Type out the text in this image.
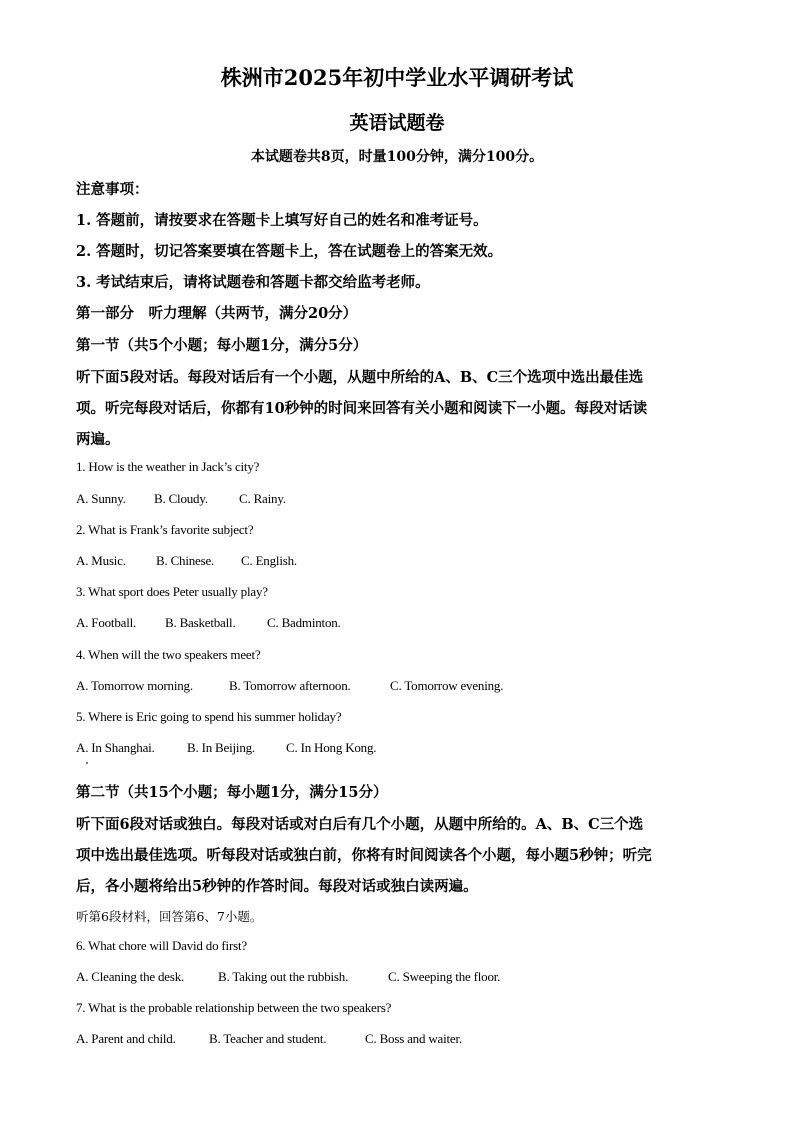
株洲市2025年初中学业水平调研考试
英语试题卷
本试题卷共8页，时量100分钟，满分100分。
注意事项：
1. 答题前，请按要求在答题卡上填写好自己的姓名和准考证号。
2. 答题时，切记答案要填在答题卡上，答在试题卷上的答案无效。
3. 考试结束后，请将试题卷和答题卡都交给监考老师。
第一部分　听力理解（共两节，满分20分）
第一节（共5个小题；每小题1分，满分5分）
听下面5段对话。每段对话后有一个小题，从题中所给的A、B、C三个选项中选出最佳选
项。听完每段对话后，你都有10秒钟的时间来回答有关小题和阅读下一小题。每段对话读
两遍。
1. How is the weather in Jack’s city?
A. Sunny. B. Cloudy. C. Rainy.
2. What is Frank’s favorite subject?
A. Music. B. Chinese. C. English.
3. What sport does Peter usually play?
A. Football. B. Basketball. C. Badminton.
4. When will the two speakers meet?
A. Tomorrow morning.	B. Tomorrow afternoon.	C. Tomorrow evening.
5. Where is Eric going to spend his summer holiday?
A. In Shanghai. B. In Beijing. C. In Hong Kong.
第二节（共15个小题；每小题1分，满分15分）
听下面6段对话或独白。每段对话或对白后有几个小题，从题中所给的。A、B、C三个选
项中选出最佳选项。听每段对话或独白前，你将有时间阅读各个小题，每小题5秒钟；听完
后，各小题将给出5秒钟的作答时间。每段对话或独白读两遍。
听第6段材料，回答第6、7小题。
6. What chore will David do first?
A. Cleaning the desk.	B. Taking out the rubbish.	C. Sweeping the floor.
7. What is the probable relationship between the two speakers?
A. Parent and child.	B. Teacher and student.	C. Boss and waiter.
